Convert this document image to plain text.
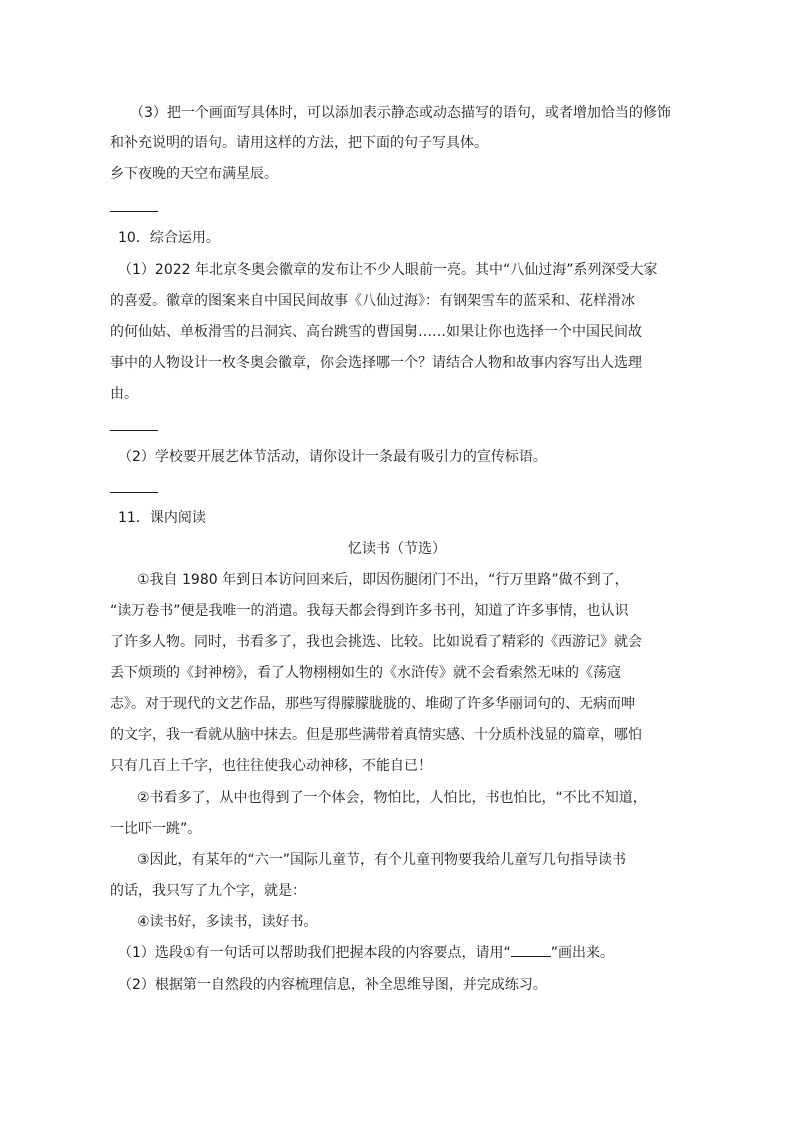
（3）把一个画面写具体时，可以添加表示静态或动态描写的语句，或者增加恰当的修饰
和补充说明的语句。请用这样的方法，把下面的句子写具体。
乡下夜晚的天空布满星辰。
10．综合运用。
（1）2022 年北京冬奥会徽章的发布让不少人眼前一亮。其中“八仙过海”系列深受大家
的喜爱。徽章的图案来自中国民间故事《八仙过海》：有钢架雪车的蓝采和、花样滑冰
的何仙姑、单板滑雪的吕洞宾、高台跳雪的曹国舅……如果让你也选择一个中国民间故
事中的人物设计一枚冬奥会徽章，你会选择哪一个？请结合人物和故事内容写出人选理
由。
（2）学校要开展艺体节活动，请你设计一条最有吸引力的宣传标语。
11．课内阅读
忆读书（节选）
①我自 1980 年到日本访问回来后，即因伤腿闭门不出，“行万里路”做不到了，
“读万卷书”便是我唯一的消遣。我每天都会得到许多书刊，知道了许多事情，也认识
了许多人物。同时，书看多了，我也会挑选、比较。比如说看了精彩的《西游记》就会
丢下烦琐的《封神榜》，看了人物栩栩如生的《水浒传》就不会看索然无味的《荡寇
志》。对于现代的文艺作品，那些写得朦朦胧胧的、堆砌了许多华丽词句的、无病而呻
的文字，我一看就从脑中抹去。但是那些满带着真情实感、十分质朴浅显的篇章，哪怕
只有几百上千字，也往往使我心动神移，不能自已！
②书看多了，从中也得到了一个体会，物怕比，人怕比，书也怕比，“不比不知道，
一比吓一跳”。
③因此，有某年的“六一”国际儿童节，有个儿童刊物要我给儿童写几句指导读书
的话，我只写了九个字，就是：
④读书好，多读书，读好书。
（1）选段①有一句话可以帮助我们把握本段的内容要点，请用“	”画出来。
（2）根据第一自然段的内容梳理信息，补全思维导图，并完成练习。
